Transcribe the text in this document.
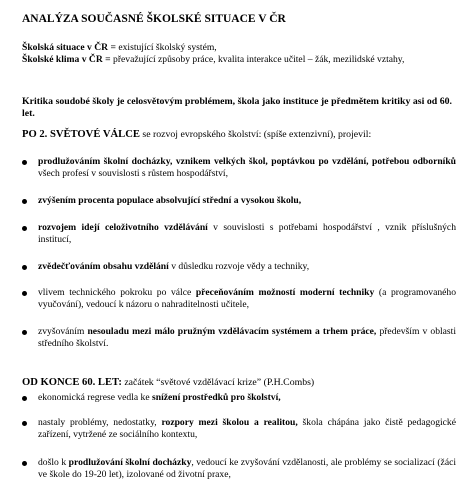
ANALÝZA SOUČASNÉ ŠKOLSKÉ SITUACE V ČR
Školská situace v ČR = existující školský systém,
Školské klima v ČR = převažující způsoby práce, kvalita interakce učitel – žák, mezilidské vztahy,
Kritika soudobé školy je celosvětovým problémem, škola jako instituce je předmětem kritiky asi od 60. let.
PO 2. SVĚTOVÉ VÁLCE se rozvoj evropského školství: (spíše extenzivní), projevil:
prodlužováním školní docházky, vznikem velkých škol, poptávkou po vzdělání, potřebou odborníků všech profesí v souvislosti s růstem hospodářství,
zvýšením procenta populace absolvující střední a vysokou školu,
rozvojem idejí celoživotního vzdělávání v souvislosti s potřebami hospodářství , vznik příslušných institucí,
zvědečťováním obsahu vzdělání v důsledku rozvoje vědy a techniky,
vlivem technického pokroku po válce přeceňováním možností moderní techniky (a programovaného vyučování), vedoucí k názoru o nahraditelnosti učitele,
zvyšováním nesouladu mezi málo pružným vzdělávacím systémem a trhem práce, především v oblasti středního školství.
OD KONCE 60. LET: začátek “světové vzdělávací krize” (P.H.Combs)
ekonomická regrese vedla ke snížení prostředků pro školství,
nastaly problémy, nedostatky, rozpory mezi školou a realitou, škola chápána jako čistě pedagogické zařízení, vytržené ze sociálního kontextu,
došlo k prodlužování školní docházky, vedoucí ke zvyšování vzdělanosti, ale problémy se socializací (žáci ve škole do 19-20 let), izolované od životní praxe,
